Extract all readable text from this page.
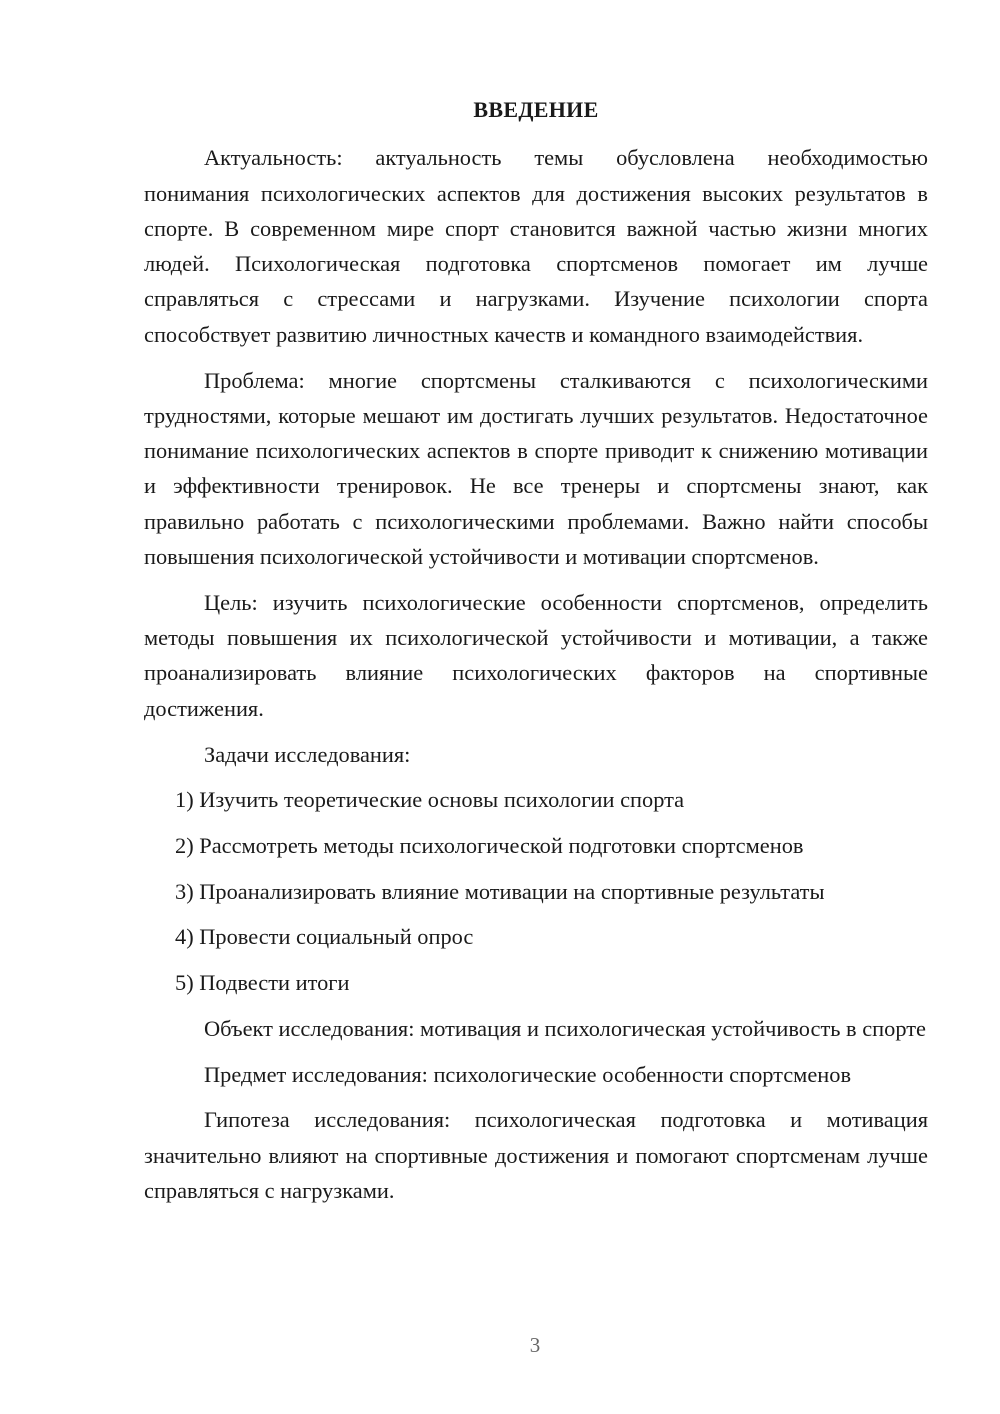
ВВЕДЕНИЕ

Актуальность: актуальность темы обусловлена необходимостью понимания психологических аспектов для достижения высоких результатов в спорте. В современном мире спорт становится важной частью жизни многих людей. Психологическая подготовка спортсменов помогает им лучше справляться с стрессами и нагрузками. Изучение психологии спорта способствует развитию личностных качеств и командного взаимодействия.

Проблема: многие спортсмены сталкиваются с психологическими трудностями, которые мешают им достигать лучших результатов. Недостаточное понимание психологических аспектов в спорте приводит к снижению мотивации и эффективности тренировок. Не все тренеры и спортсмены знают, как правильно работать с психологическими проблемами. Важно найти способы повышения психологической устойчивости и мотивации спортсменов.

Цель: изучить психологические особенности спортсменов, определить методы повышения их психологической устойчивости и мотивации, а также проанализировать влияние психологических факторов на спортивные достижения.

Задачи исследования:

1) Изучить теоретические основы психологии спорта
2) Рассмотреть методы психологической подготовки спортсменов
3) Проанализировать влияние мотивации на спортивные результаты
4) Провести социальный опрос
5) Подвести итоги

Объект исследования: мотивация и психологическая устойчивость в спорте

Предмет исследования: психологические особенности спортсменов

Гипотеза исследования: психологическая подготовка и мотивация значительно влияют на спортивные достижения и помогают спортсменам лучше справляться с нагрузками.

3
